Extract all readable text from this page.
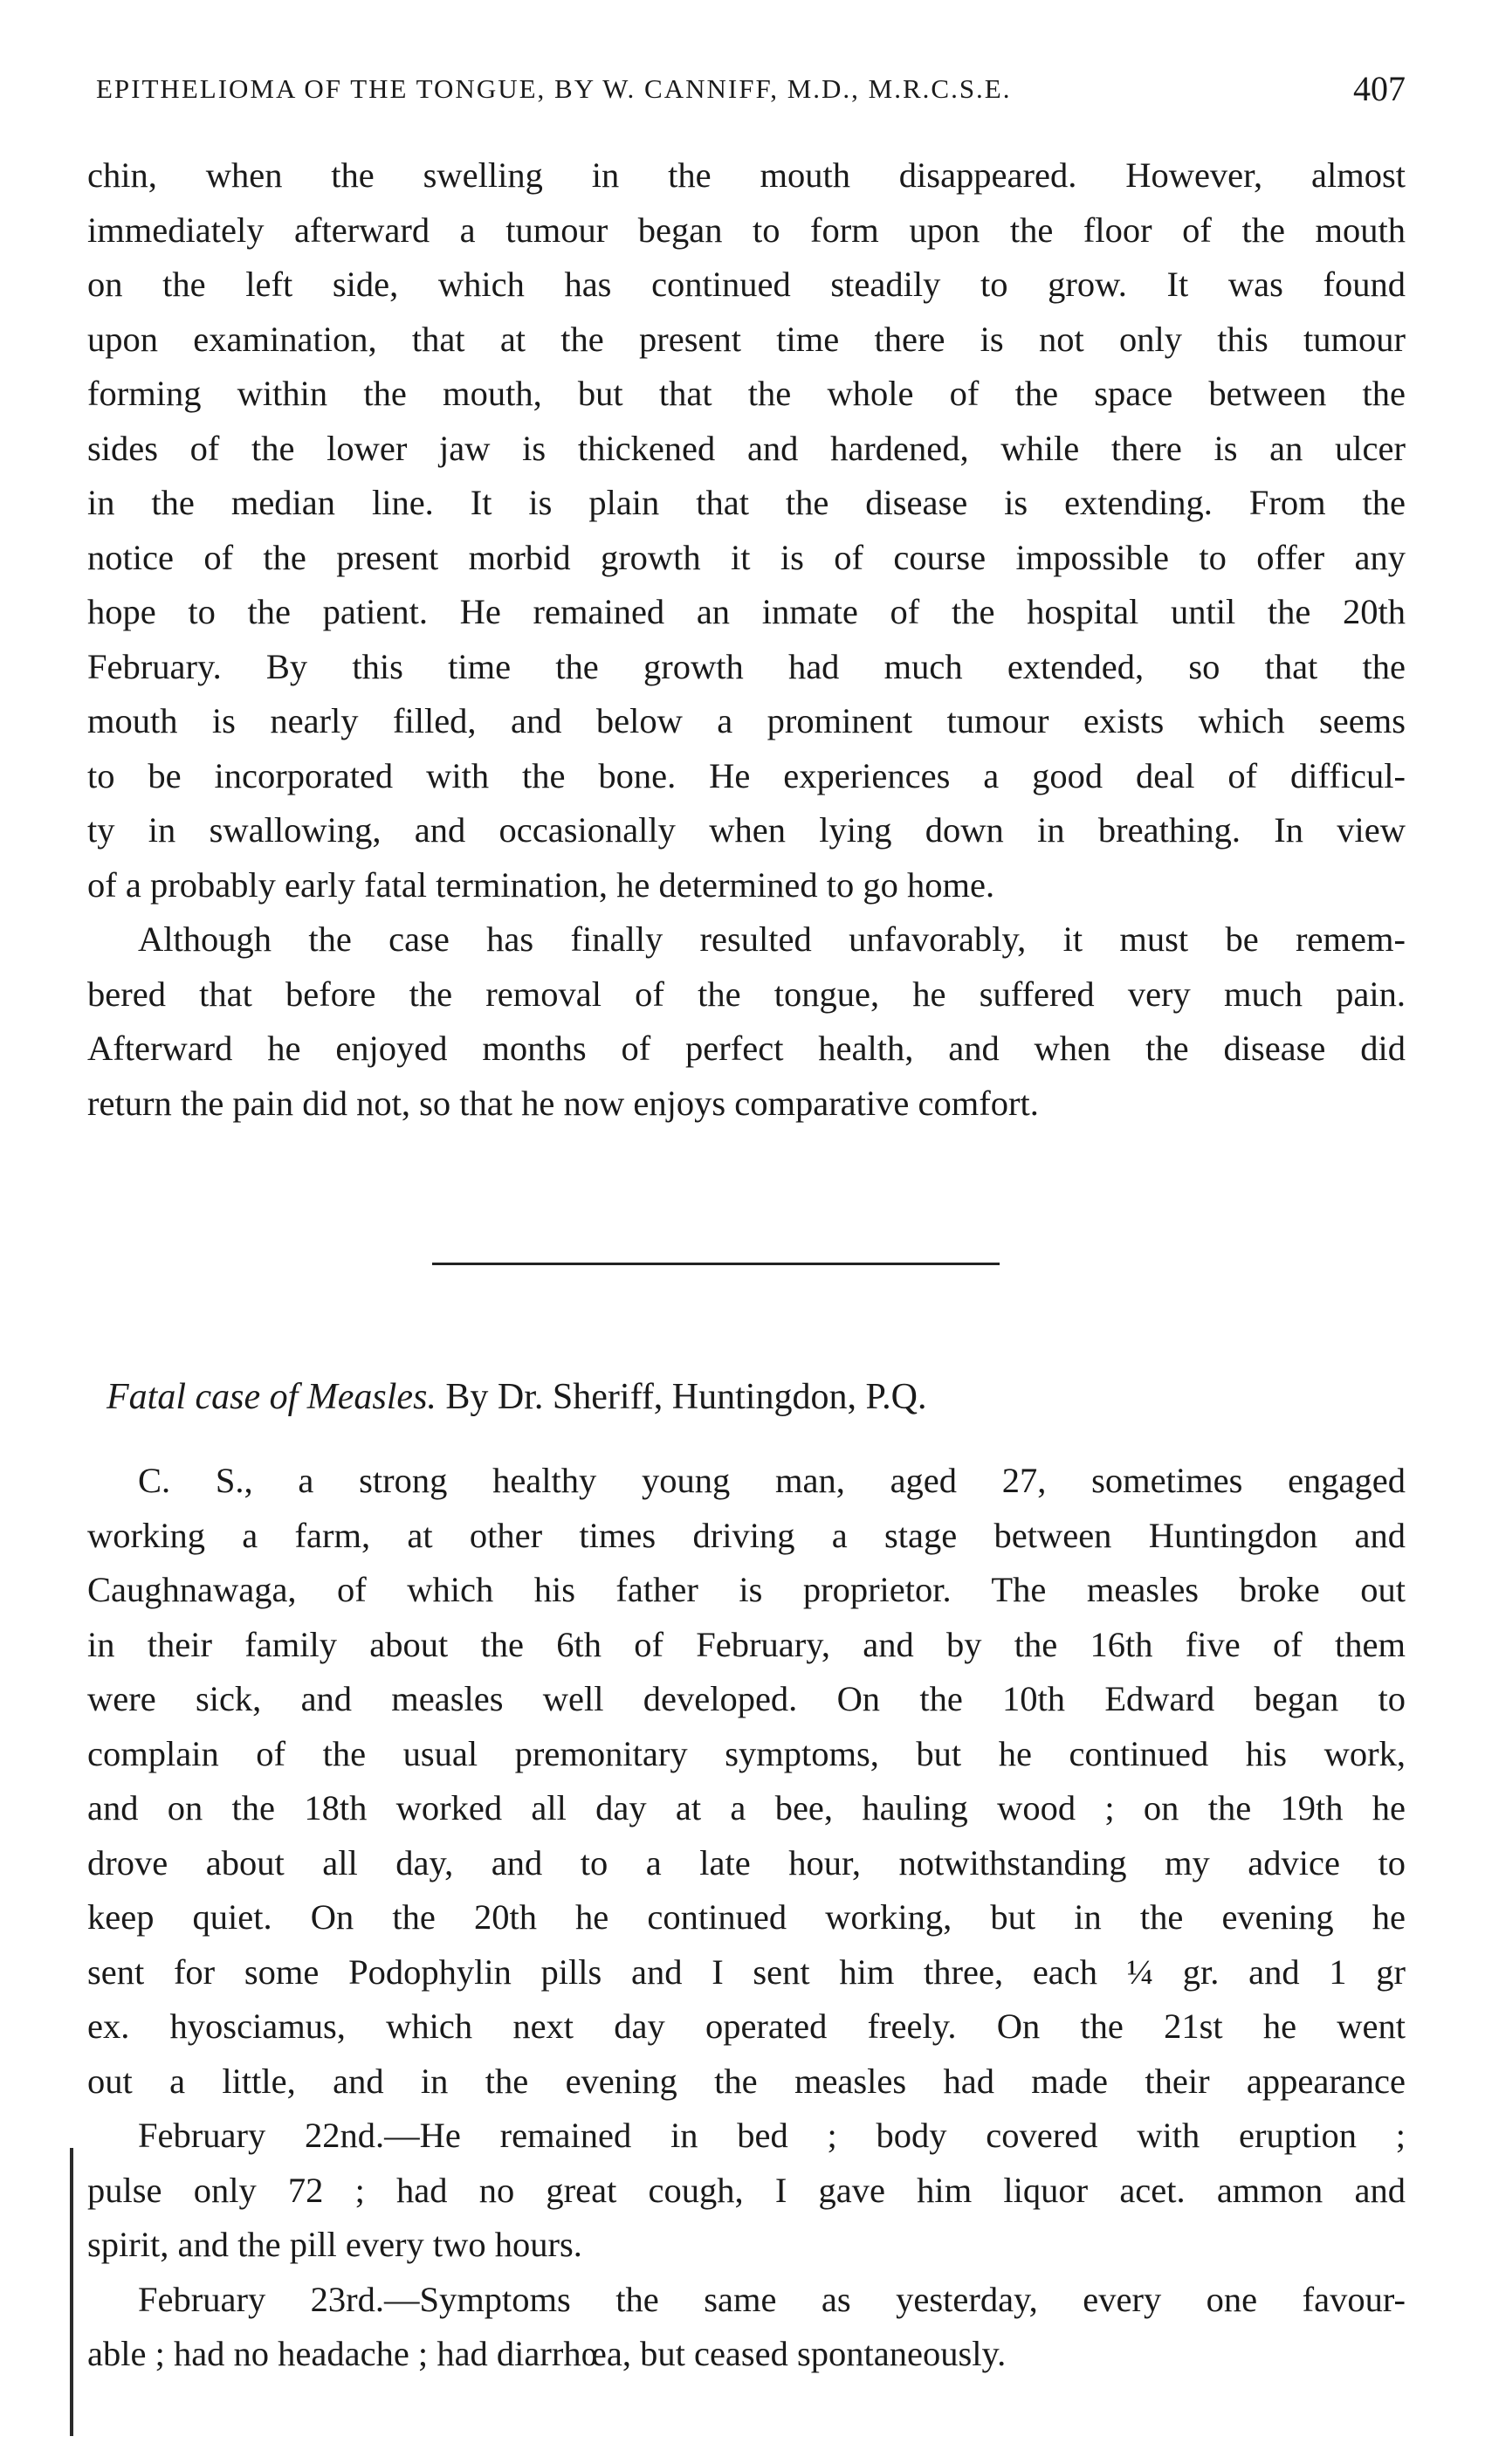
EPITHELIOMA OF THE TONGUE, BY W. CANNIFF, M.D., M.R.C.S.E.	407
chin, when the swelling in the mouth disappeared. However, almost
immediately afterward a tumour began to form upon the floor of the mouth
on the left side, which has continued steadily to grow. It was found
upon examination, that at the present time there is not only this tumour
forming within the mouth, but that the whole of the space between the
sides of the lower jaw is thickened and hardened, while there is an ulcer
in the median line. It is plain that the disease is extending. From the
notice of the present morbid growth it is of course impossible to offer any
hope to the patient. He remained an inmate of the hospital until the 20th
February. By this time the growth had much extended, so that the
mouth is nearly filled, and below a prominent tumour exists which seems
to be incorporated with the bone. He experiences a good deal of difficul-
ty in swallowing, and occasionally when lying down in breathing. In view
of a probably early fatal termination, he determined to go home.
Although the case has finally resulted unfavorably, it must be remem-
bered that before the removal of the tongue, he suffered very much pain.
Afterward he enjoyed months of perfect health, and when the disease did
return the pain did not, so that he now enjoys comparative comfort.
Fatal case of Measles. By Dr. Sheriff, Huntingdon, P.Q.
C. S., a strong healthy young man, aged 27, sometimes engaged
working a farm, at other times driving a stage between Huntingdon and
Caughnawaga, of which his father is proprietor. The measles broke out
in their family about the 6th of February, and by the 16th five of them
were sick, and measles well developed. On the 10th Edward began to
complain of the usual premonitary symptoms, but he continued his work,
and on the 18th worked all day at a bee, hauling wood ; on the 19th he
drove about all day, and to a late hour, notwithstanding my advice to
keep quiet. On the 20th he continued working, but in the evening he
sent for some Podophylin pills and I sent him three, each ¼ gr. and 1 gr
ex. hyosciamus, which next day operated freely. On the 21st he went
out a little, and in the evening the measles had made their appearance
February 22nd.—He remained in bed ; body covered with eruption ;
pulse only 72 ; had no great cough, I gave him liquor acet. ammon and
spirit, and the pill every two hours.
February 23rd.—Symptoms the same as yesterday, every one favour-
able ; had no headache ; had diarrhœa, but ceased spontaneously.
